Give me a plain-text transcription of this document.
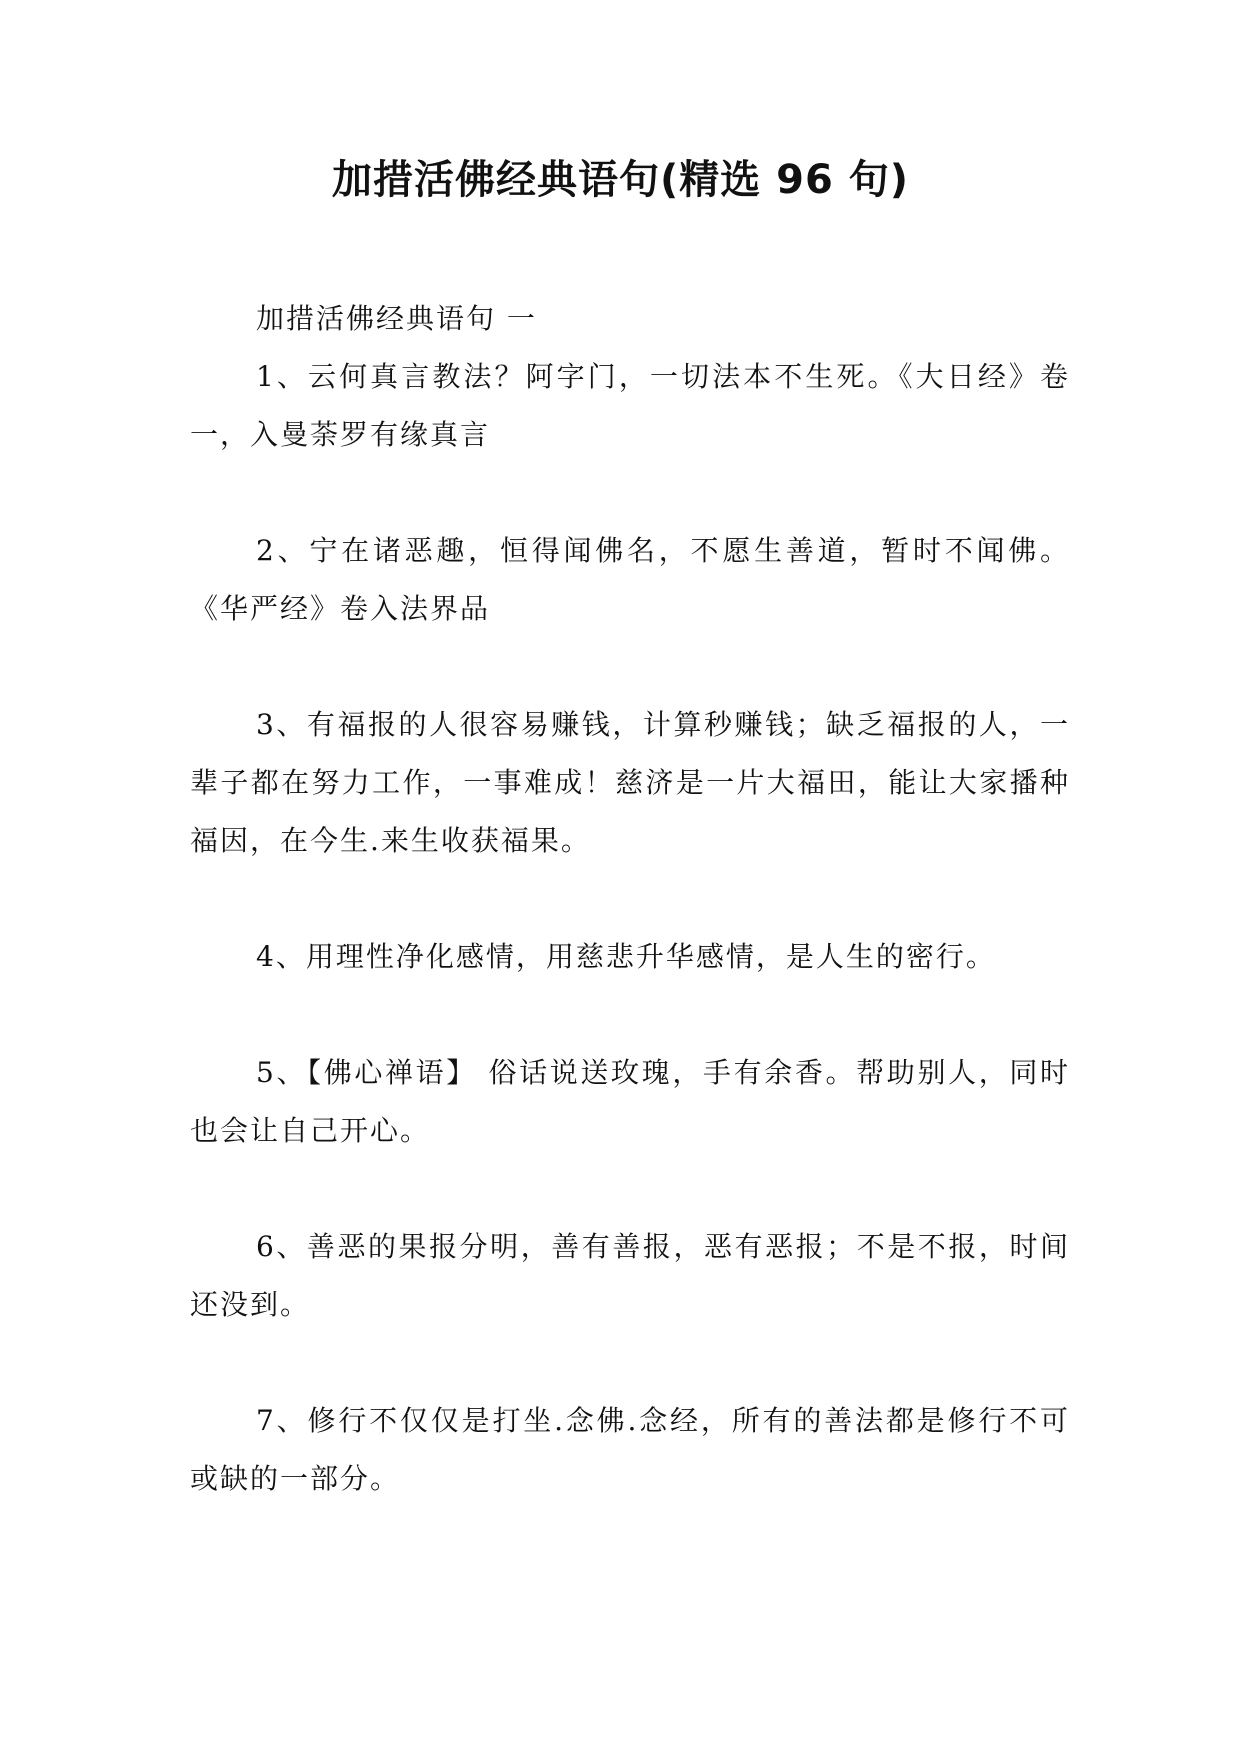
加措活佛经典语句(精选 96 句)

加措活佛经典语句 一

1、云何真言教法？阿字门，一切法本不生死。《大日经》卷一，入曼荼罗有缘真言

2、宁在诸恶趣，恒得闻佛名，不愿生善道，暂时不闻佛。《华严经》卷入法界品

3、有福报的人很容易赚钱，计算秒赚钱；缺乏福报的人，一辈子都在努力工作，一事难成！慈济是一片大福田，能让大家播种福因，在今生.来生收获福果。

4、用理性净化感情，用慈悲升华感情，是人生的密行。

5、【佛心禅语】 俗话说送玫瑰，手有余香。帮助别人，同时也会让自己开心。

6、善恶的果报分明，善有善报，恶有恶报；不是不报，时间还没到。

7、修行不仅仅是打坐.念佛.念经，所有的善法都是修行不可或缺的一部分。
